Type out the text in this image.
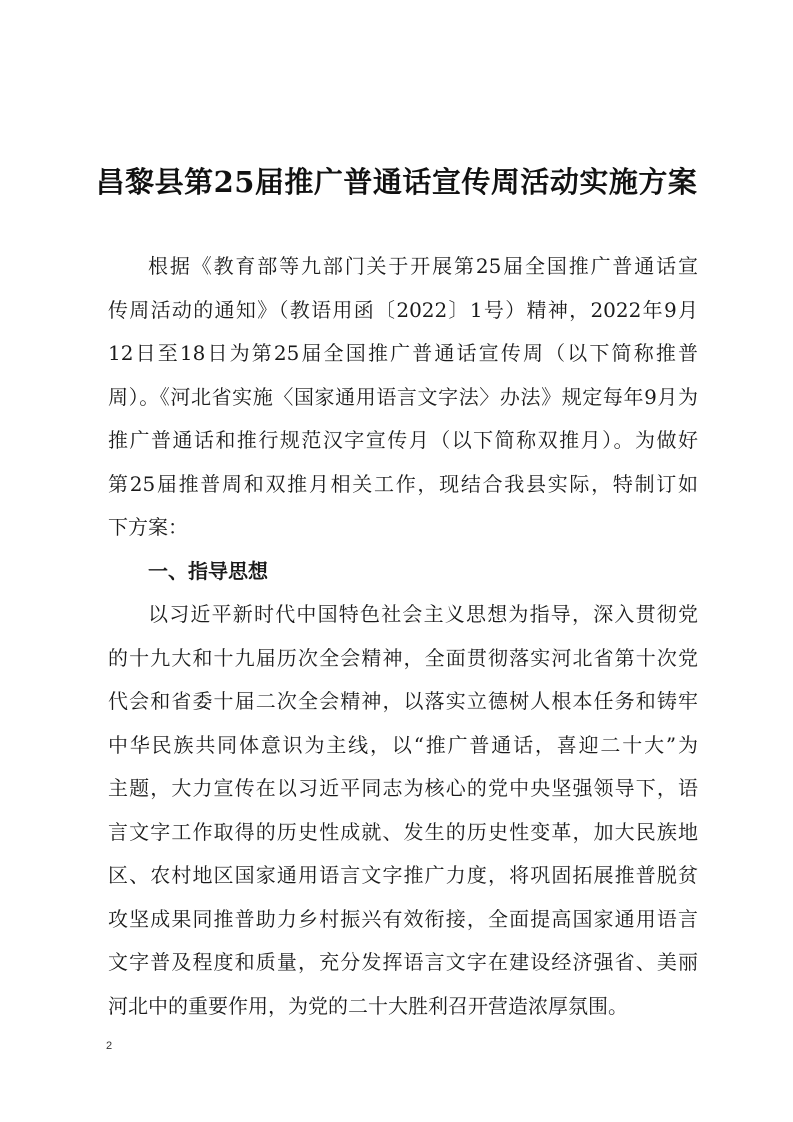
昌黎县第25届推广普通话宣传周活动实施方案
根据《教育部等九部门关于开展第25届全国推广普通话宣
传周活动的通知》（教语用函〔2022〕1号）精神，2022年9月
12日至18日为第25届全国推广普通话宣传周（以下简称推普
周）。《河北省实施〈国家通用语言文字法〉办法》规定每年9月为
推广普通话和推行规范汉字宣传月（以下简称双推月）。为做好
第25届推普周和双推月相关工作，现结合我县实际，特制订如
下方案：
一、指导思想
以习近平新时代中国特色社会主义思想为指导，深入贯彻党
的十九大和十九届历次全会精神，全面贯彻落实河北省第十次党
代会和省委十届二次全会精神，以落实立德树人根本任务和铸牢
中华民族共同体意识为主线，以“推广普通话，喜迎二十大”为
主题，大力宣传在以习近平同志为核心的党中央坚强领导下，语
言文字工作取得的历史性成就、发生的历史性变革，加大民族地
区、农村地区国家通用语言文字推广力度，将巩固拓展推普脱贫
攻坚成果同推普助力乡村振兴有效衔接，全面提高国家通用语言
文字普及程度和质量，充分发挥语言文字在建设经济强省、美丽
河北中的重要作用，为党的二十大胜利召开营造浓厚氛围。
2
